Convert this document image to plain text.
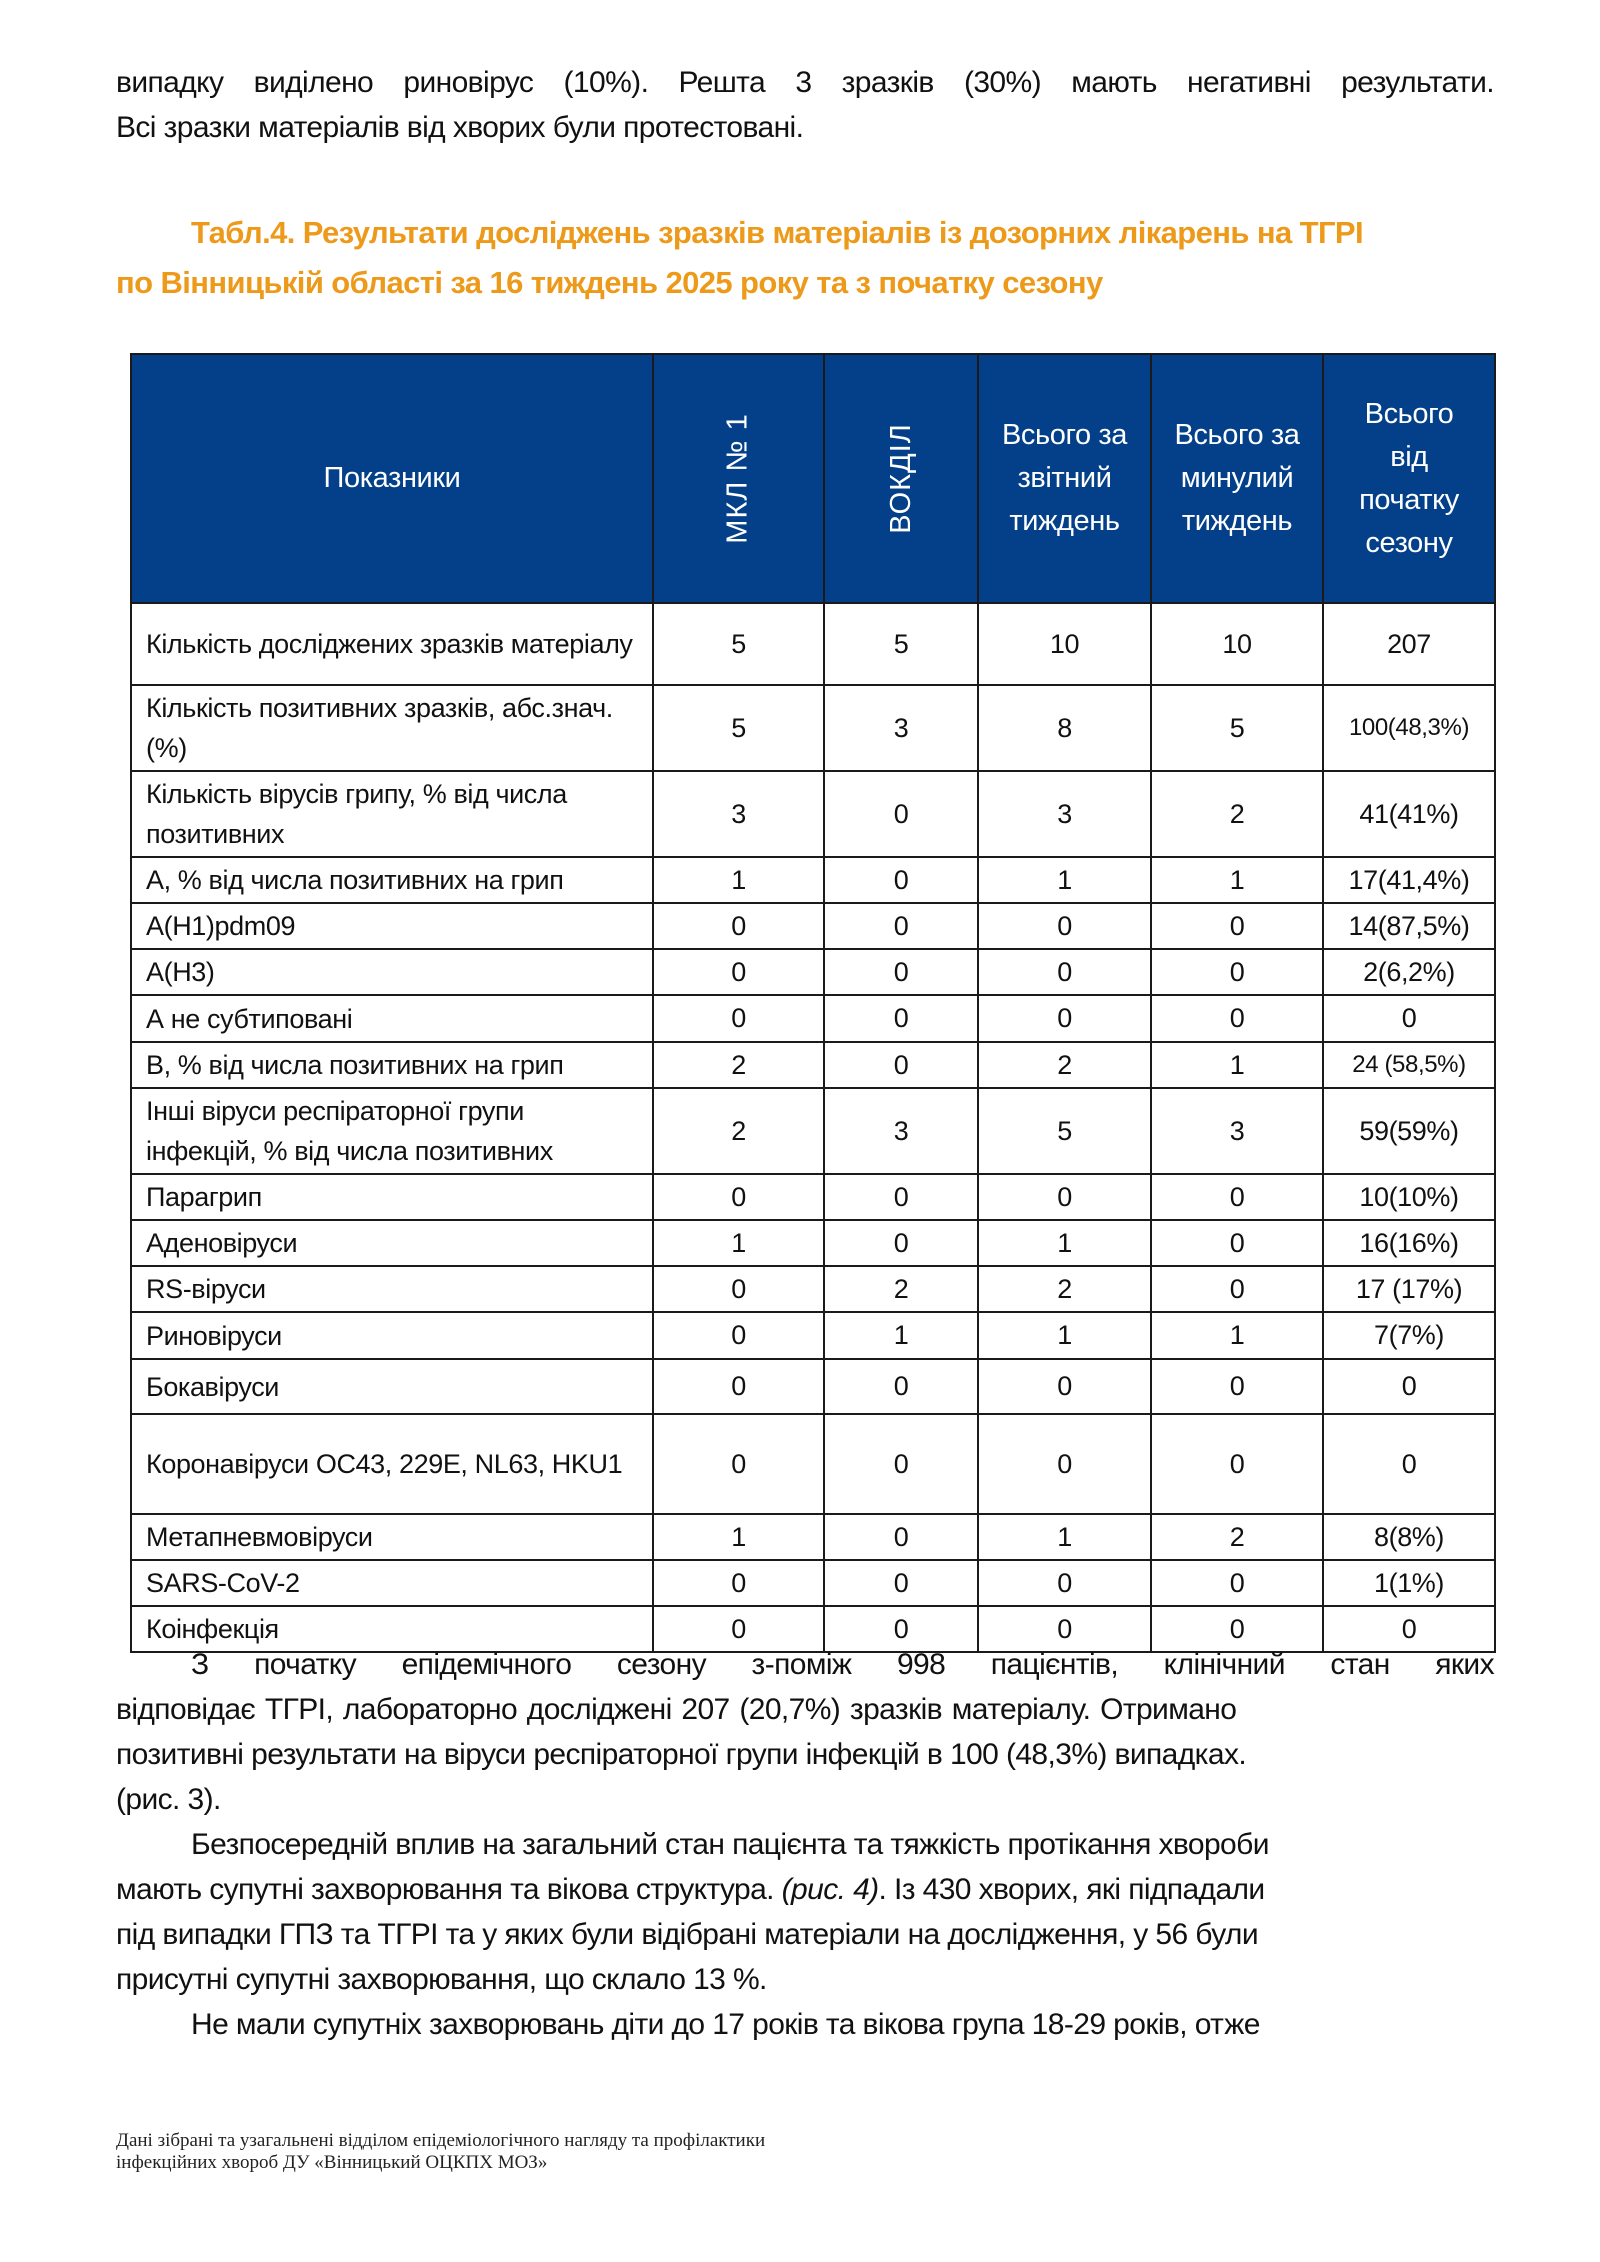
випадку виділено риновірус (10%). Решта 3 зразків (30%) мають негативні результати.
Всі зразки матеріалів від хворих були протестовані.
Табл.4. Результати досліджень зразків матеріалів із дозорних лікарень на ТГРІ
по Вінницькій області за 16 тиждень 2025 року та з початку сезону
Показники	МКЛ № 1	ВОКДІЛ	Всього за звітний тиждень	Всього за минулий тиждень	Всього від початку сезону
Кількість досліджених зразків матеріалу	5	5	10	10	207
Кількість позитивних зразків, абс.знач. (%)	5	3	8	5	100(48,3%)
Кількість вірусів грипу, % від числа позитивних	3	0	3	2	41(41%)
А, % від числа позитивних на грип	1	0	1	1	17(41,4%)
A(H1)pdm09	0	0	0	0	14(87,5%)
A(H3)	0	0	0	0	2(6,2%)
А не субтиповані	0	0	0	0	0
В, % від числа позитивних на грип	2	0	2	1	24 (58,5%)
Інші віруси респіраторної групи інфекцій, % від числа позитивних	2	3	5	3	59(59%)
Парагрип	0	0	0	0	10(10%)
Аденовіруси	1	0	1	0	16(16%)
RS-віруси	0	2	2	0	17 (17%)
Риновіруси	0	1	1	1	7(7%)
Бокавіруси	0	0	0	0	0
Коронавіруси ОС43, 229E, NL63, HKU1	0	0	0	0	0
Метапневмовіруси	1	0	1	2	8(8%)
SARS-CoV-2	0	0	0	0	1(1%)
Коінфекція	0	0	0	0	0
З початку епідемічного сезону з-поміж 998 пацієнтів, клінічний стан яких
відповідає ТГРІ, лабораторно досліджені 207 (20,7%) зразків матеріалу. Отримано
позитивні результати на віруси респіраторної групи інфекцій в 100 (48,3%) випадках.
(рис. 3).
Безпосередній вплив на загальний стан пацієнта та тяжкість протікання хвороби
мають супутні захворювання та вікова структура. (рис. 4). Із 430 хворих, які підпадали
під випадки ГПЗ та ТГРІ та у яких були відібрані матеріали на дослідження, у 56 були
присутні супутні захворювання, що склало 13 %.
Не мали супутніх захворювань діти до 17 років та вікова група 18-29 років, отже
Дані зібрані та узагальнені відділом епідеміологічного нагляду та профілактики
інфекційних хвороб ДУ «Вінницький ОЦКПХ МОЗ»
